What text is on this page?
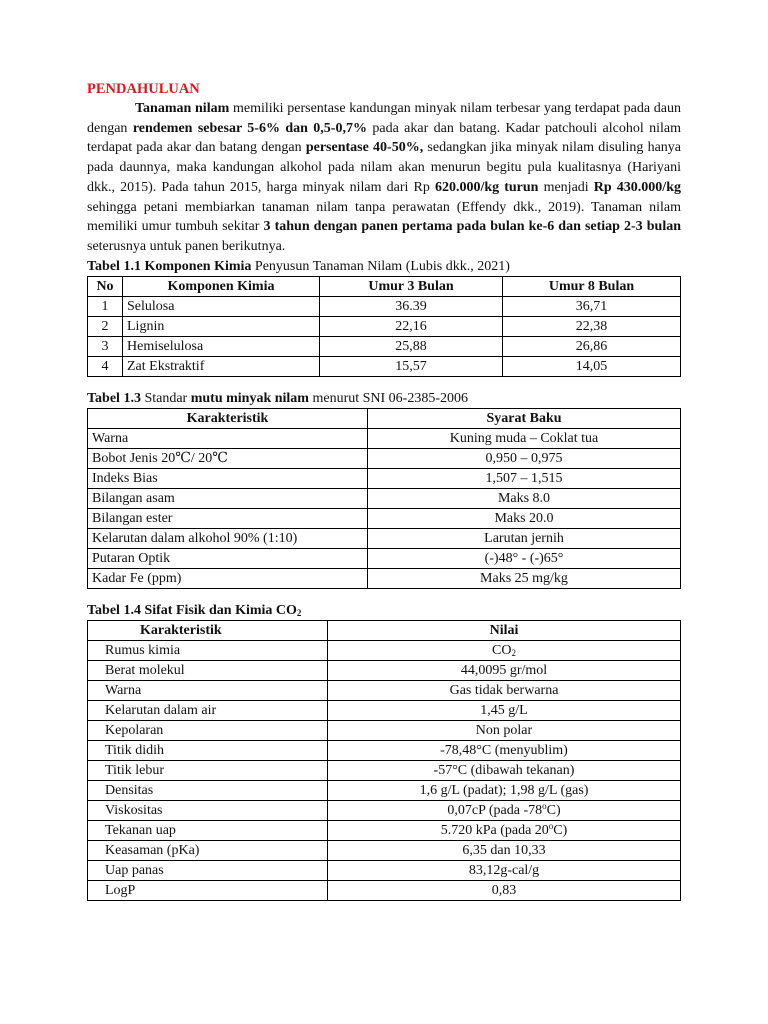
PENDAHULUAN

Tanaman nilam memiliki persentase kandungan minyak nilam terbesar yang terdapat pada daun dengan rendemen sebesar 5-6% dan 0,5-0,7% pada akar dan batang. Kadar patchouli alcohol nilam terdapat pada akar dan batang dengan persentase 40-50%, sedangkan jika minyak nilam disuling hanya pada daunnya, maka kandungan alkohol pada nilam akan menurun begitu pula kualitasnya (Hariyani dkk., 2015). Pada tahun 2015, harga minyak nilam dari Rp 620.000/kg turun menjadi Rp 430.000/kg sehingga petani membiarkan tanaman nilam tanpa perawatan (Effendy dkk., 2019). Tanaman nilam memiliki umur tumbuh sekitar 3 tahun dengan panen pertama pada bulan ke-6 dan setiap 2-3 bulan seterusnya untuk panen berikutnya.

Tabel 1.1 Komponen Kimia Penyusun Tanaman Nilam (Lubis dkk., 2021)

No	Komponen Kimia	Umur 3 Bulan	Umur 8 Bulan
1	Selulosa	36.39	36,71
2	Lignin	22,16	22,38
3	Hemiselulosa	25,88	26,86
4	Zat Ekstraktif	15,57	14,05

Tabel 1.3 Standar mutu minyak nilam menurut SNI 06-2385-2006

Karakteristik	Syarat Baku
Warna	Kuning muda – Coklat tua
Bobot Jenis 20℃/ 20℃	0,950 – 0,975
Indeks Bias	1,507 – 1,515
Bilangan asam	Maks 8.0
Bilangan ester	Maks 20.0
Kelarutan dalam alkohol 90% (1:10)	Larutan jernih
Putaran Optik	(-)48° - (-)65°
Kadar Fe (ppm)	Maks 25 mg/kg

Tabel 1.4 Sifat Fisik dan Kimia $CO_2$

Karakteristik	Nilai
Rumus kimia	$CO_2$
Berat molekul	44,0095 gr/mol
Warna	Gas tidak berwarna
Kelarutan dalam air	1,45 g/L
Kepolaran	Non polar
Titik didih	-78,48°C (menyublim)
Titik lebur	-57°C (dibawah tekanan)
Densitas	1,6 g/L (padat); 1,98 g/L (gas)
Viskositas	0,07cP (pada -78$^o$C)
Tekanan uap	5.720 kPa (pada 20$^o$C)
Keasaman (pKa)	6,35 dan 10,33
Uap panas	83,12g-cal/g
LogP	0,83
